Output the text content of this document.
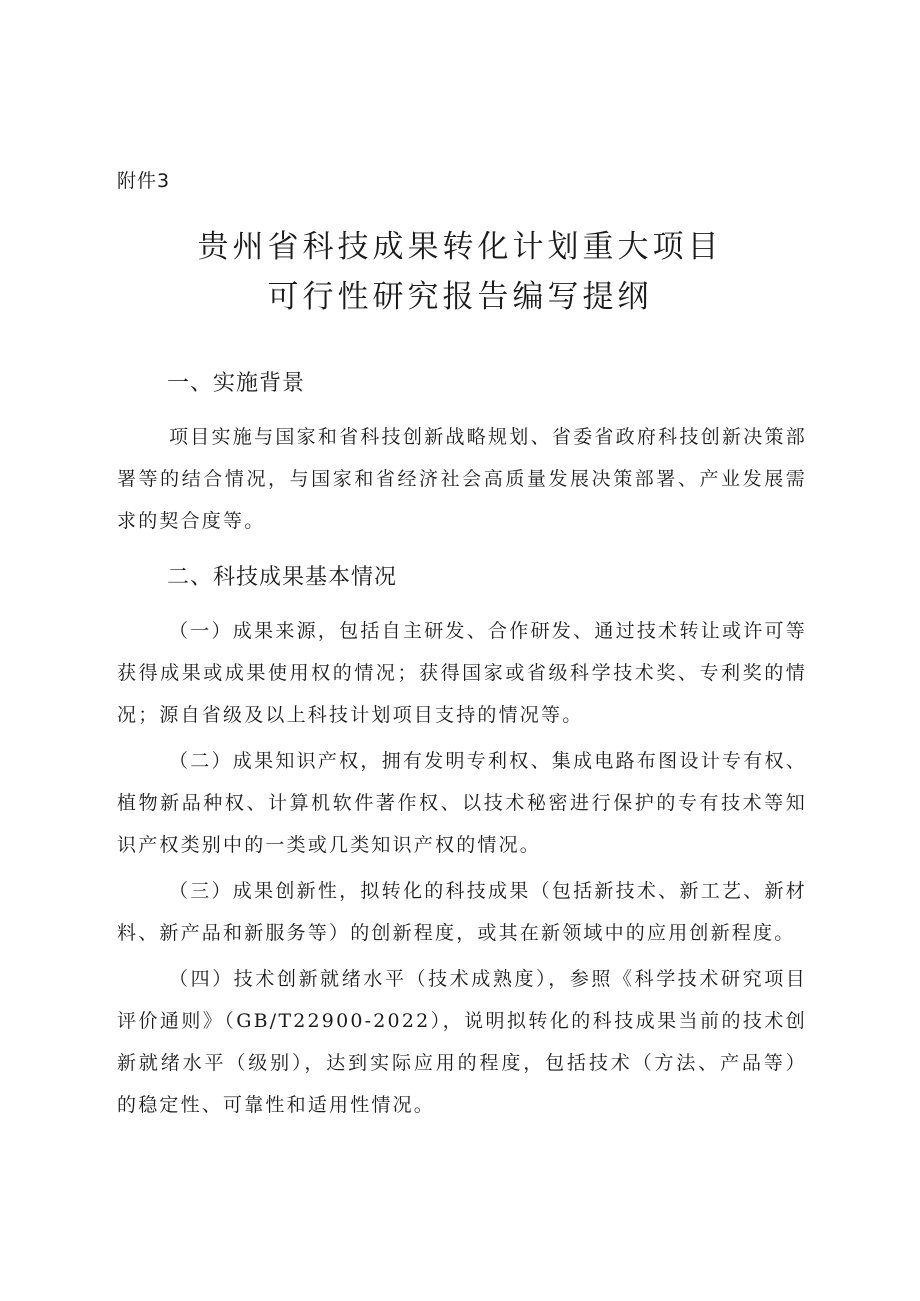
附件3
贵州省科技成果转化计划重大项目
可行性研究报告编写提纲
一、实施背景

项目实施与国家和省科技创新战略规划、省委省政府科技创新决策部署等的结合情况，与国家和省经济社会高质量发展决策部署、产业发展需求的契合度等。

二、科技成果基本情况

（一）成果来源，包括自主研发、合作研发、通过技术转让或许可等获得成果或成果使用权的情况；获得国家或省级科学技术奖、专利奖的情况；源自省级及以上科技计划项目支持的情况等。

（二）成果知识产权，拥有发明专利权、集成电路布图设计专有权、植物新品种权、计算机软件著作权、以技术秘密进行保护的专有技术等知识产权类别中的一类或几类知识产权的情况。

（三）成果创新性，拟转化的科技成果（包括新技术、新工艺、新材料、新产品和新服务等）的创新程度，或其在新领域中的应用创新程度。

（四）技术创新就绪水平（技术成熟度），参照《科学技术研究项目评价通则》（GB/T22900-2022），说明拟转化的科技成果当前的技术创新就绪水平（级别），达到实际应用的程度，包括技术（方法、产品等）的稳定性、可靠性和适用性情况。
